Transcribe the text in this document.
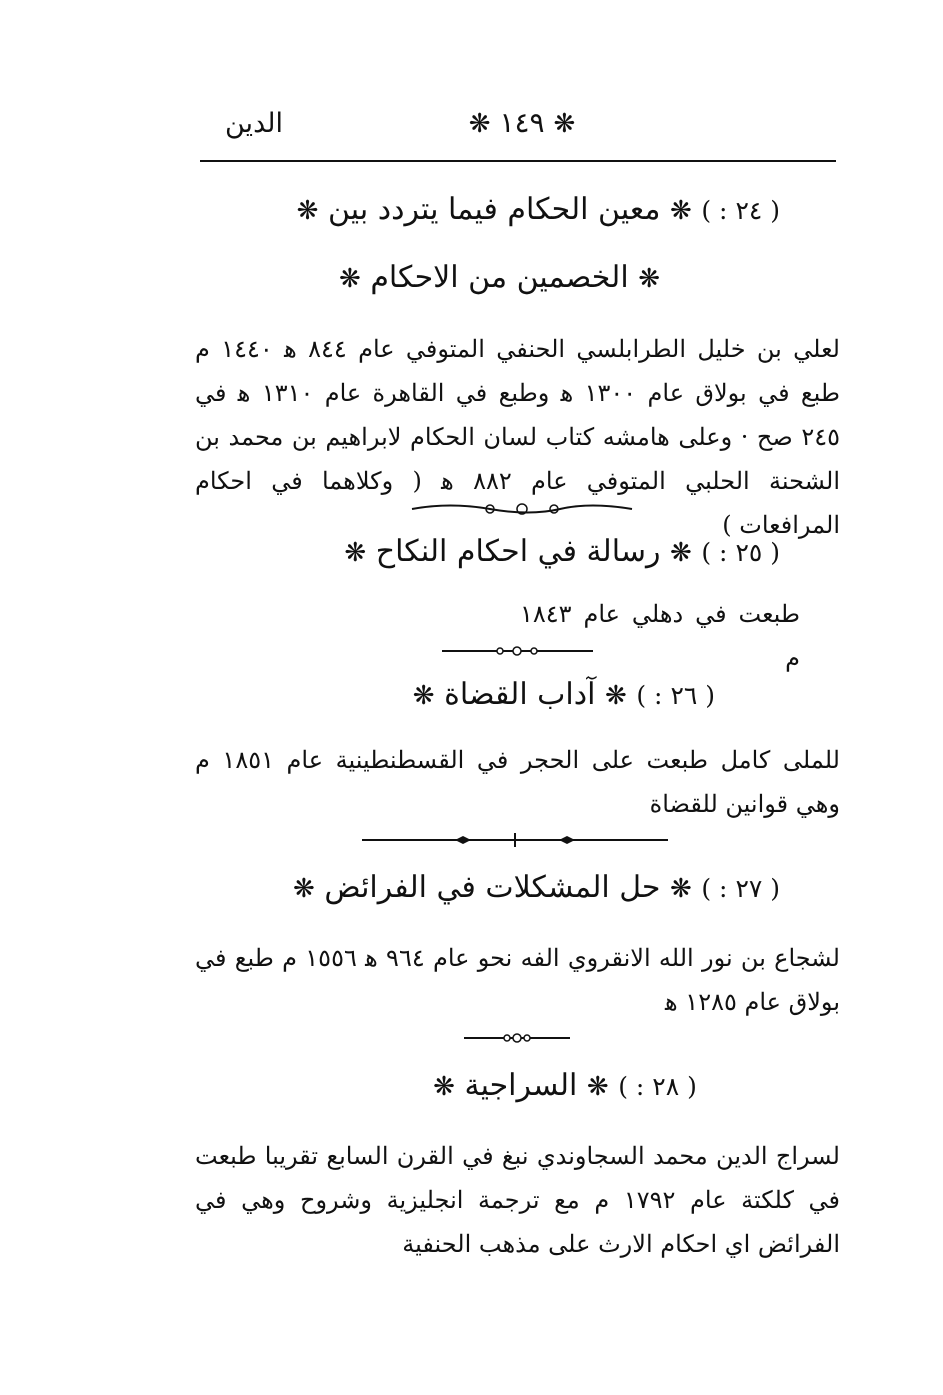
الدين	❋ ١٤٩ ❋
( ٢٤ : ) ❋ معين الحكام فيما يتردد بين ❋
❋ الخصمين من الاحكام ❋
لعلي بن خليل الطرابلسي الحنفي المتوفي عام ٨٤٤ ﻫ ١٤٤٠ م طبع في بولاق عام ١٣٠٠ ﻫ وطبع في القاهرة عام ١٣١٠ ﻫ في ٢٤٥ صح · وعلى هامشه كتاب لسان الحكام لابراهيم بن محمد بن الشحنة الحلبي المتوفي عام ٨٨٢ ﻫ ( وكلاهما في احكام المرافعات )
( ٢٥ : ) ❋ رسالة في احكام النكاح ❋
طبعت في دهلي عام ١٨٤٣ م
( ٢٦ : ) ❋ آداب القضاة ❋
للملى كامل طبعت على الحجر في القسطنطينية عام ١٨٥١ م وهي قوانين للقضاة
( ٢٧ : ) ❋ حل المشكلات في الفرائض ❋
لشجاع بن نور الله الانقروي الفه نحو عام ٩٦٤ ﻫ ١٥٥٦ م طبع في بولاق عام ١٢٨٥ ﻫ
( ٢٨ : ) ❋ السراجية ❋
لسراج الدين محمد السجاوندي نبغ في القرن السابع تقريبا طبعت في كلكتة عام ١٧٩٢ م مع ترجمة انجليزية وشروح وهي في الفرائض اي احكام الارث على مذهب الحنفية
